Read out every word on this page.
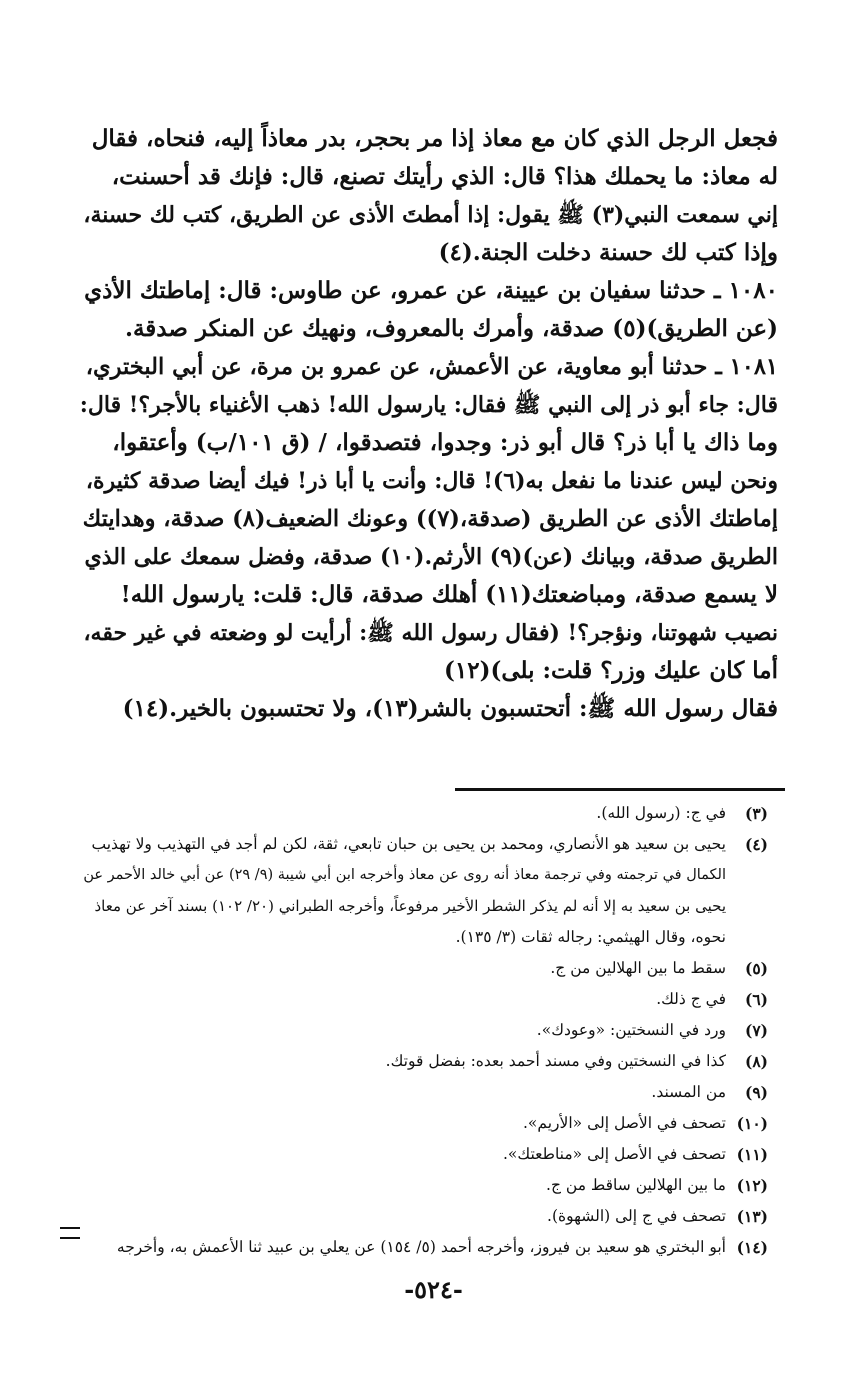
فجعل الرجل الذي كان مع معاذ إذا مر بحجر، بدر معاذاً إليه، فنحاه، فقال

له معاذ: ما يحملك هذا؟ قال: الذي رأيتك تصنع، قال: فإنك قد أحسنت،

إني سمعت النبي(٣) ﷺ يقول: إذا أمطتَ الأذى عن الطريق، كتب لك حسنة،

وإذا كتب لك حسنة دخلت الجنة.(٤)

١٠٨٠ ـ حدثنا سفيان بن عيينة، عن عمرو، عن طاوس: قال: إماطتك الأذي

(عن الطريق)(٥) صدقة، وأمرك بالمعروف، ونهيك عن المنكر صدقة.

١٠٨١ ـ حدثنا أبو معاوية، عن الأعمش، عن عمرو بن مرة، عن أبي البختري،

قال: جاء أبو ذر إلى النبي ﷺ فقال: يارسول الله! ذهب الأغنياء بالأجر؟! قال:

وما ذاك يا أبا ذر؟ قال أبو ذر: وجدوا، فتصدقوا، / (ق ١٠١/ب) وأعتقوا،

ونحن ليس عندنا ما نفعل به(٦)! قال: وأنت يا أبا ذر! فيك أيضا صدقة كثيرة،

إماطتك الأذى عن الطريق (صدقة،(٧)) وعونك الضعيف(٨) صدقة، وهدايتك

الطريق صدقة، وبيانك (عن)(٩) الأرثم.(١٠) صدقة، وفضل سمعك على الذي

لا يسمع صدقة، ومباضعتك(١١) أهلك صدقة، قال: قلت: يارسول الله!

نصيب شهوتنا، ونؤجر؟! (فقال رسول الله ﷺ: أرأيت لو وضعته في غير حقه،

أما كان عليك وزر؟ قلت: بلى)(١٢)

فقال رسول الله ﷺ: أتحتسبون بالشر(١٣)، ولا تحتسبون بالخير.(١٤)

(٣)
في ج: (رسول الله).
(٤)
يحيى بن سعيد هو الأنصاري، ومحمد بن يحيى بن حبان تابعي، ثقة، لكن لم أجد في التهذيب ولا تهذيب
الكمال في ترجمته وفي ترجمة معاذ أنه روى عن معاذ وأخرجه ابن أبي شيبة (٩/ ٢٩) عن أبي خالد الأحمر عن
يحيى بن سعيد به إلا أنه لم يذكر الشطر الأخير مرفوعاً، وأخرجه الطبراني (٢٠/ ١٠٢) بسند آخر عن معاذ
نحوه، وقال الهيثمي: رجاله ثقات (٣/ ١٣٥).
(٥)
سقط ما بين الهلالين من ج.
(٦)
في ج ذلك.
(٧)
ورد في النسختين: «وعودك».
(٨)
كذا في النسختين وفي مسند أحمد بعده: بفضل قوتك.
(٩)
من المسند.
(١٠)
تصحف في الأصل إلى «الأريم».
(١١)
تصحف في الأصل إلى «مناطعتك».
(١٢)
ما بين الهلالين ساقط من ج.
(١٣)
تصحف في ج إلى (الشهوة).
(١٤)
أبو البختري هو سعيد بن فيروز، وأخرجه أحمد (٥/ ١٥٤) عن يعلي بن عبيد ثنا الأعمش به، وأخرجه
-٥٢٤-
